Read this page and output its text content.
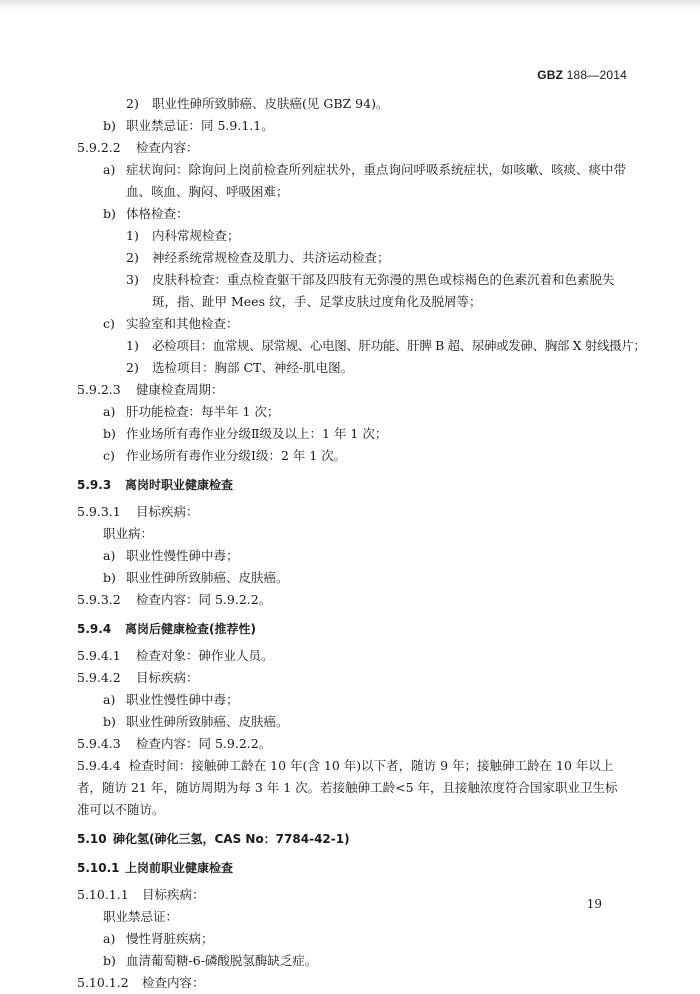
GBZ 188—2014
2) 职业性砷所致肺癌、皮肤癌(见 GBZ 94)。
b) 职业禁忌证：同 5.9.1.1。
5.9.2.2 检查内容：
a) 症状询问：除询问上岗前检查所列症状外，重点询问呼吸系统症状，如咳嗽、咳痰、痰中带血、咳血、胸闷、呼吸困难；
b) 体格检查：
1) 内科常规检查；
2) 神经系统常规检查及肌力、共济运动检查；
3) 皮肤科检查：重点检查躯干部及四肢有无弥漫的黑色或棕褐色的色素沉着和色素脱失斑，指、趾甲 Mees 纹，手、足掌皮肤过度角化及脱屑等；
c) 实验室和其他检查：
1) 必检项目：血常规、尿常规、心电图、肝功能、肝脾 B 超、尿砷或发砷、胸部 X 射线摄片；
2) 选检项目：胸部 CT、神经-肌电图。
5.9.2.3 健康检查周期：
a) 肝功能检查：每半年 1 次；
b) 作业场所有毒作业分级Ⅱ级及以上：1 年 1 次；
c) 作业场所有毒作业分级Ⅰ级：2 年 1 次。
5.9.3 离岗时职业健康检查
5.9.3.1 目标疾病：
职业病：
a) 职业性慢性砷中毒；
b) 职业性砷所致肺癌、皮肤癌。
5.9.3.2 检查内容：同 5.9.2.2。
5.9.4 离岗后健康检查(推荐性)
5.9.4.1 检查对象：砷作业人员。
5.9.4.2 目标疾病：
a) 职业性慢性砷中毒；
b) 职业性砷所致肺癌、皮肤癌。
5.9.4.3 检查内容：同 5.9.2.2。
5.9.4.4 检查时间：接触砷工龄在 10 年(含 10 年)以下者，随访 9 年；接触砷工龄在 10 年以上者，随访 21 年，随访周期为每 3 年 1 次。若接触砷工龄<5 年，且接触浓度符合国家职业卫生标准可以不随访。
5.10 砷化氢(砷化三氢，CAS No：7784-42-1)
5.10.1 上岗前职业健康检查
5.10.1.1 目标疾病：
职业禁忌证：
a) 慢性肾脏疾病；
b) 血清葡萄糖-6-磷酸脱氢酶缺乏症。
5.10.1.2 检查内容：
19
